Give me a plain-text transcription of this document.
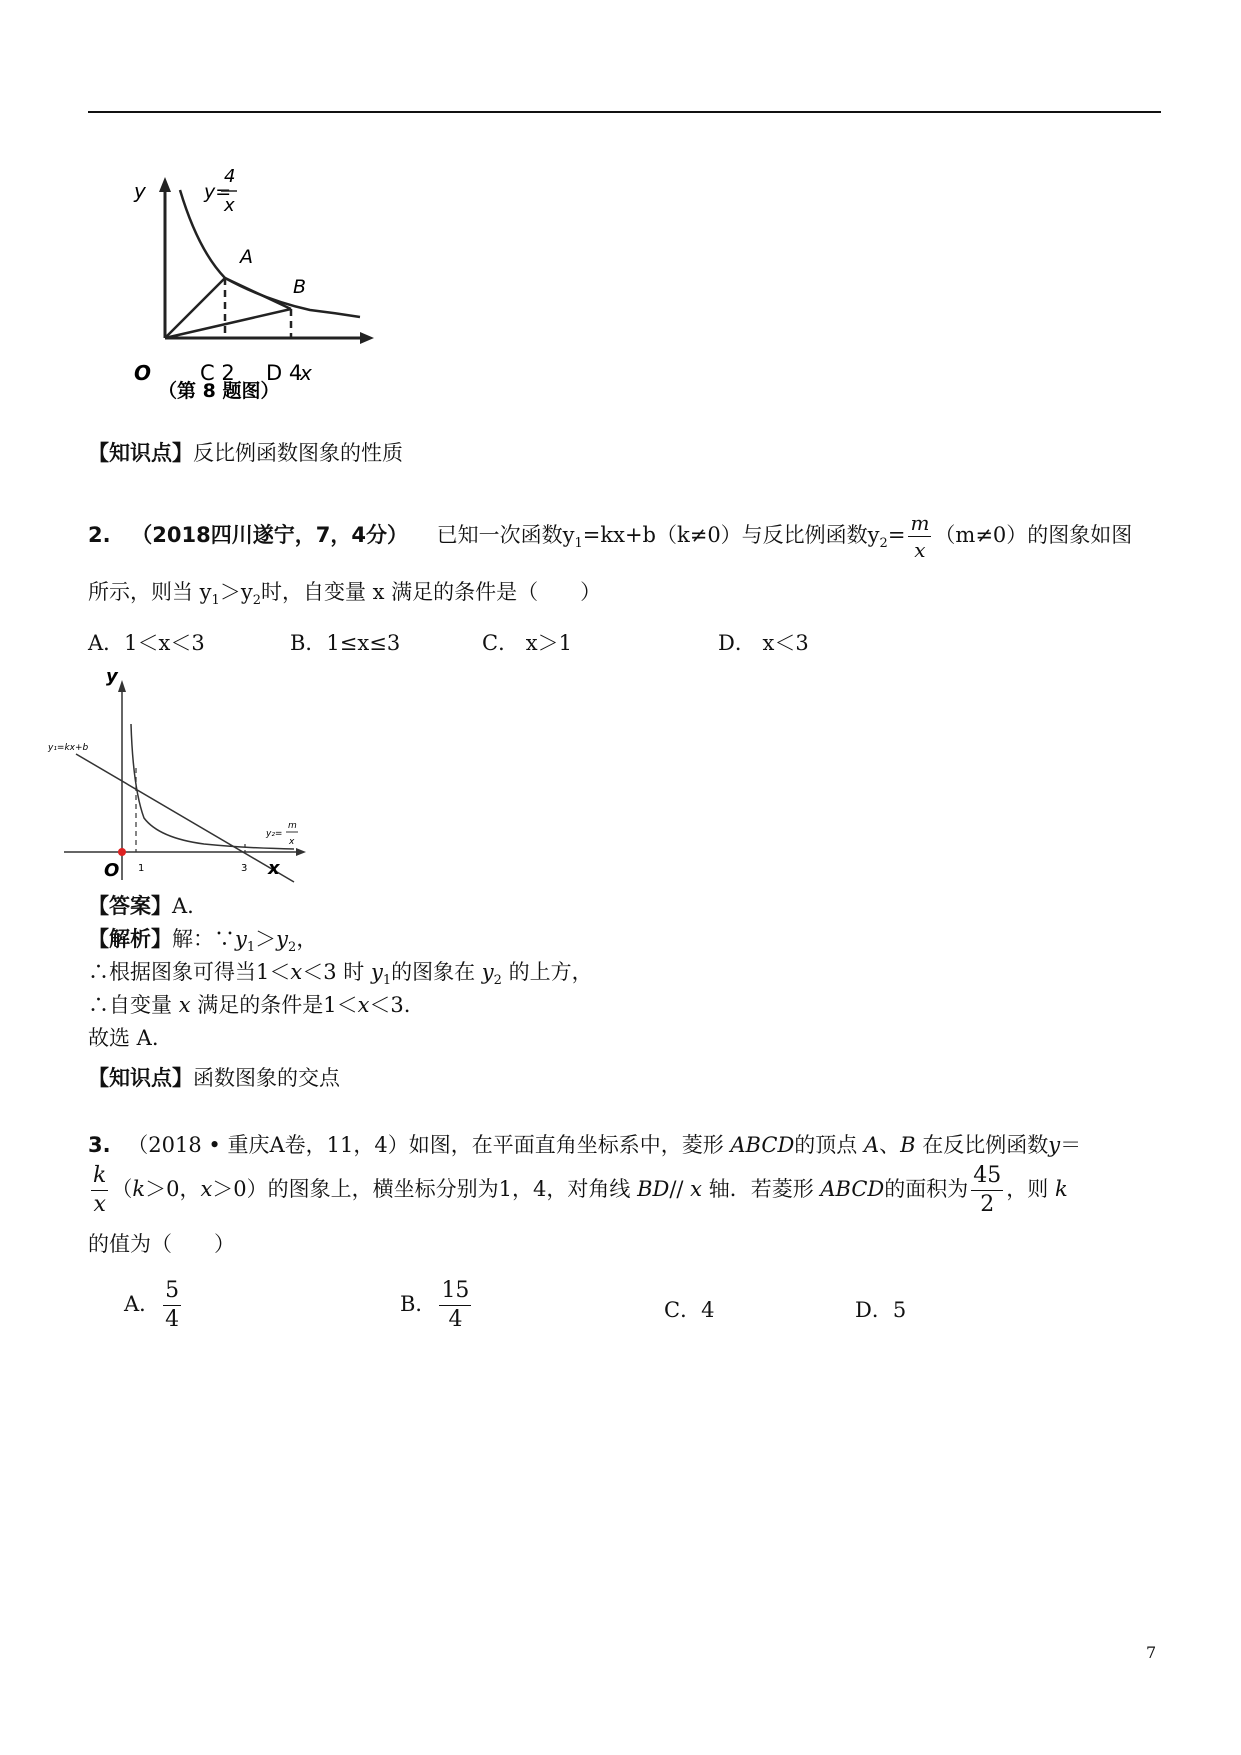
y=
4
x
y
x
O
A
B
C 2 D 4
（第 8 题图）
【知识点】反比例函数图象的性质
2. （2018四川遂宁，7，4分） 已知一次函数$y_1=kx+b(k\ne 0)$与反比例函数$y_2= \frac{m}{x} (m\ne 0)$的图象如图
所示，则当 $y_1>y_2$时，自变量 x 满足的条件是（　　）
A．1＜x＜3	B．1≤x≤3	C． x＞1	D． x＜3
y
x
O 1	3
y₁=kx+b
y₂=
m
x
【答案】A.
【解析】解：$\because y_1>y_2$，
∴根据图象可得当1＜x＜3 时 $y_1$的图象在 $y_2$ 的上方，
∴自变量 x 满足的条件是1＜x＜3.
故选 A.
【知识点】函数图象的交点
3. （2018 • 重庆A卷，11，4）如图，在平面直角坐标系中，菱形 ABCD的顶点 A、B 在反比例函数y＝
$\frac{k}{x} (k>0$，x＞0）的图象上，横坐标分别为1，4，对角线 BD// x 轴．若菱形 ABCD的面积为 $\frac{45}{2}$ ，则 k
的值为（　　）
A． $\frac{5}{4}$	B． $\frac{15}{4}$	C．4	D．5
7
